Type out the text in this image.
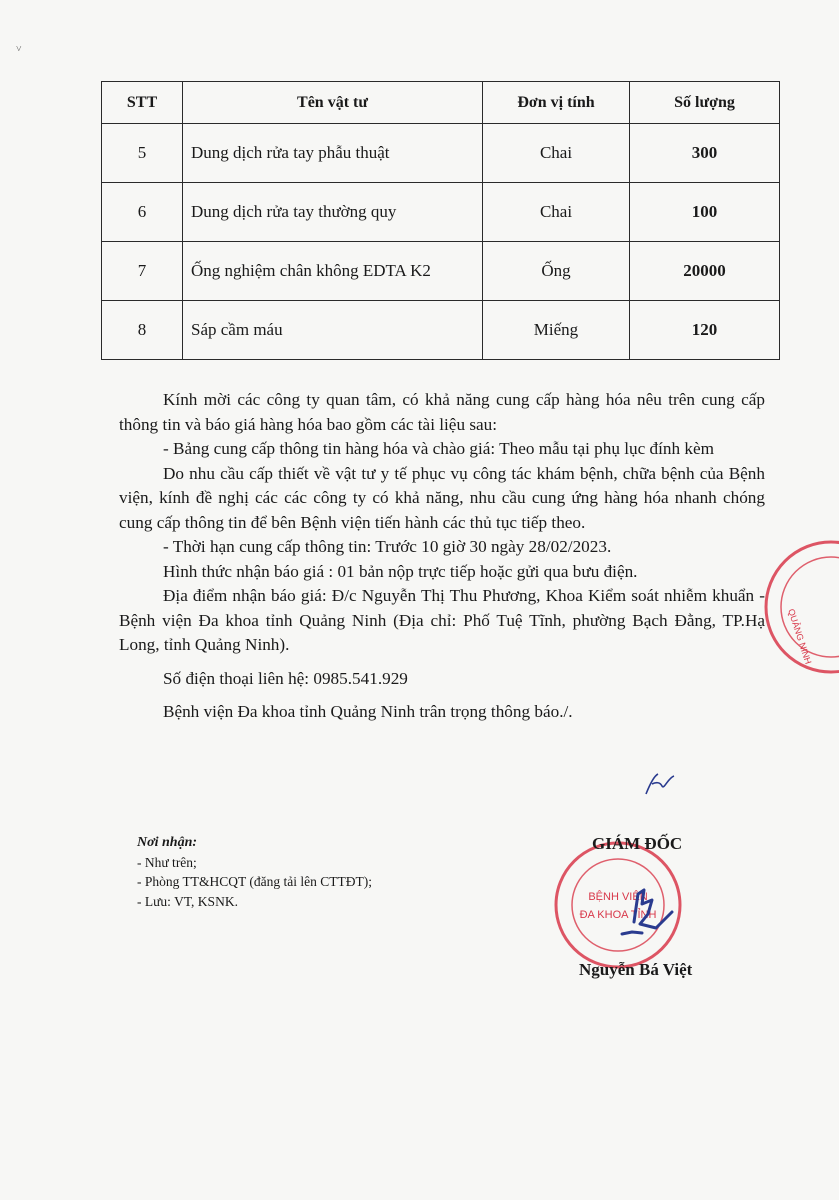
˅
STT	Tên vật tư	Đơn vị tính	Số lượng
5	Dung dịch rửa tay phẫu thuật	Chai	300
6	Dung dịch rửa tay thường quy	Chai	100
7	Ống nghiệm chân không EDTA K2	Ống	20000
8	Sáp cầm máu	Miếng	120

Kính mời các công ty quan tâm, có khả năng cung cấp hàng hóa nêu trên cung cấp thông tin và báo giá hàng hóa bao gồm các tài liệu sau:

- Bảng cung cấp thông tin hàng hóa và chào giá: Theo mẫu tại phụ lục đính kèm

Do nhu cầu cấp thiết về vật tư y tế phục vụ công tác khám bệnh, chữa bệnh của Bệnh viện, kính đề nghị các các công ty có khả năng, nhu cầu cung ứng hàng hóa nhanh chóng cung cấp thông tin để bên Bệnh viện tiến hành các thủ tục tiếp theo.

- Thời hạn cung cấp thông tin: Trước 10 giờ 30 ngày 28/02/2023.

Hình thức nhận báo giá : 01 bản nộp trực tiếp hoặc gửi qua bưu điện.

Địa điểm nhận báo giá: Đ/c Nguyễn Thị Thu Phương, Khoa Kiểm soát nhiễm khuẩn - Bệnh viện Đa khoa tỉnh Quảng Ninh (Địa chỉ: Phố Tuệ Tĩnh, phường Bạch Đằng, TP.Hạ Long, tỉnh Quảng Ninh).

Số điện thoại liên hệ: 0985.541.929

Bệnh viện Đa khoa tỉnh Quảng Ninh trân trọng thông báo./.

Nơi nhận:
- Như trên;
- Phòng TT&HCQT (đăng tải lên CTTĐT);
- Lưu: VT, KSNK.	BỆNH VIỆN
ĐA KHOA TỈNH
QUẢNG NINH
GIÁM ĐỐC
Nguyễn Bá Việt
